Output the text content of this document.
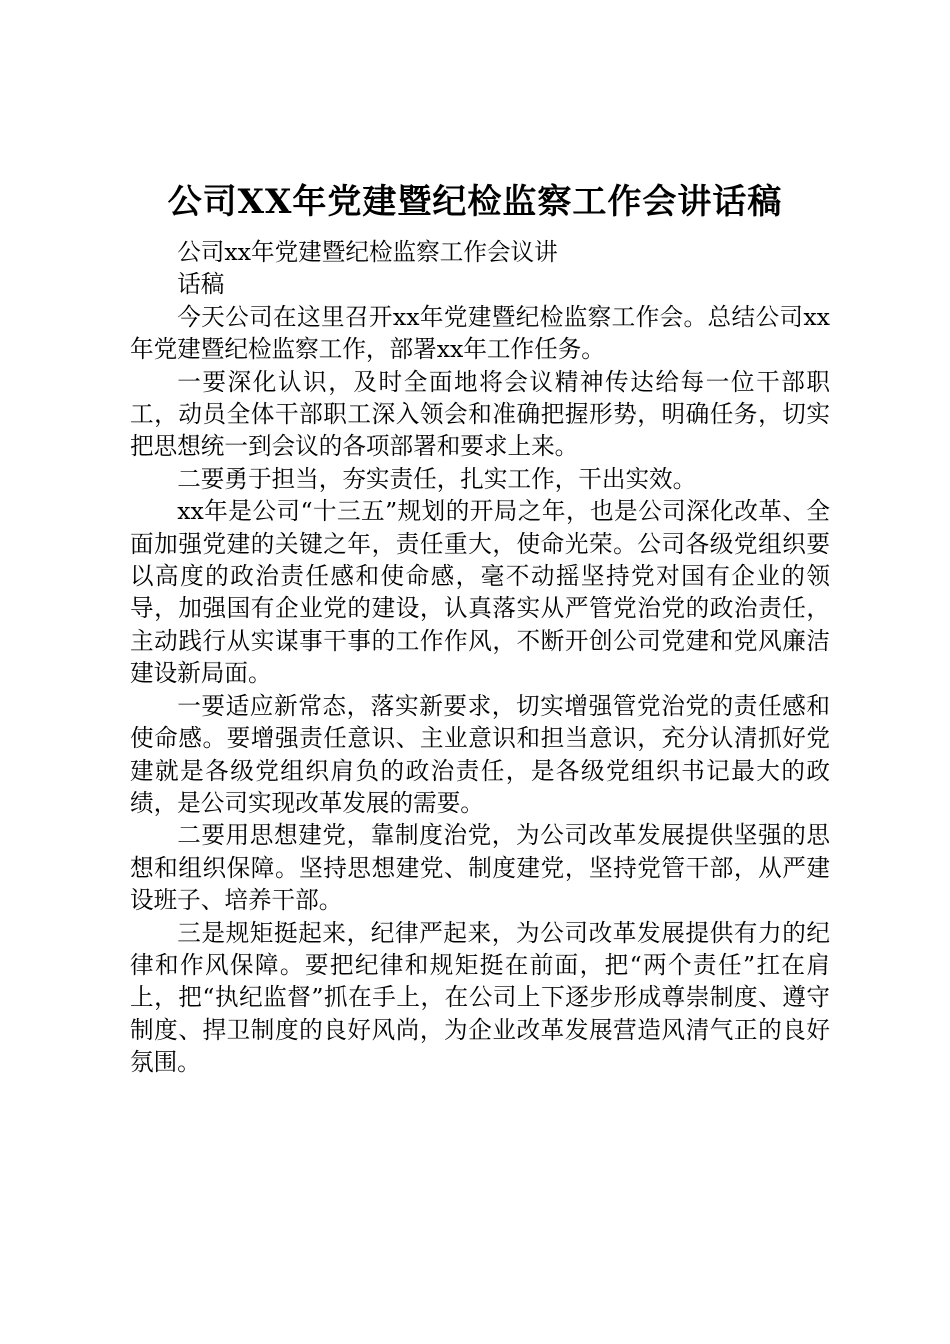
公司XX年党建暨纪检监察工作会讲话稿

公司xx年党建暨纪检监察工作会议讲

话稿

今天公司在这里召开xx年党建暨纪检监察工作会。总结公司xx年党建暨纪检监察工作，部署xx年工作任务。

一要深化认识，及时全面地将会议精神传达给每一位干部职工，动员全体干部职工深入领会和准确把握形势，明确任务，切实把思想统一到会议的各项部署和要求上来。

二要勇于担当，夯实责任，扎实工作，干出实效。

xx年是公司“十三五”规划的开局之年，也是公司深化改革、全面加强党建的关键之年，责任重大，使命光荣。公司各级党组织要以高度的政治责任感和使命感，毫不动摇坚持党对国有企业的领导，加强国有企业党的建设，认真落实从严管党治党的政治责任，主动践行从实谋事干事的工作作风，不断开创公司党建和党风廉洁建设新局面。

一要适应新常态，落实新要求，切实增强管党治党的责任感和使命感。要增强责任意识、主业意识和担当意识，充分认清抓好党建就是各级党组织肩负的政治责任，是各级党组织书记最大的政绩，是公司实现改革发展的需要。

二要用思想建党，靠制度治党，为公司改革发展提供坚强的思想和组织保障。坚持思想建党、制度建党，坚持党管干部，从严建设班子、培养干部。

三是规矩挺起来，纪律严起来，为公司改革发展提供有力的纪律和作风保障。要把纪律和规矩挺在前面，把“两个责任”扛在肩上，把“执纪监督”抓在手上，在公司上下逐步形成尊崇制度、遵守制度、捍卫制度的良好风尚，为企业改革发展营造风清气正的良好氛围。
